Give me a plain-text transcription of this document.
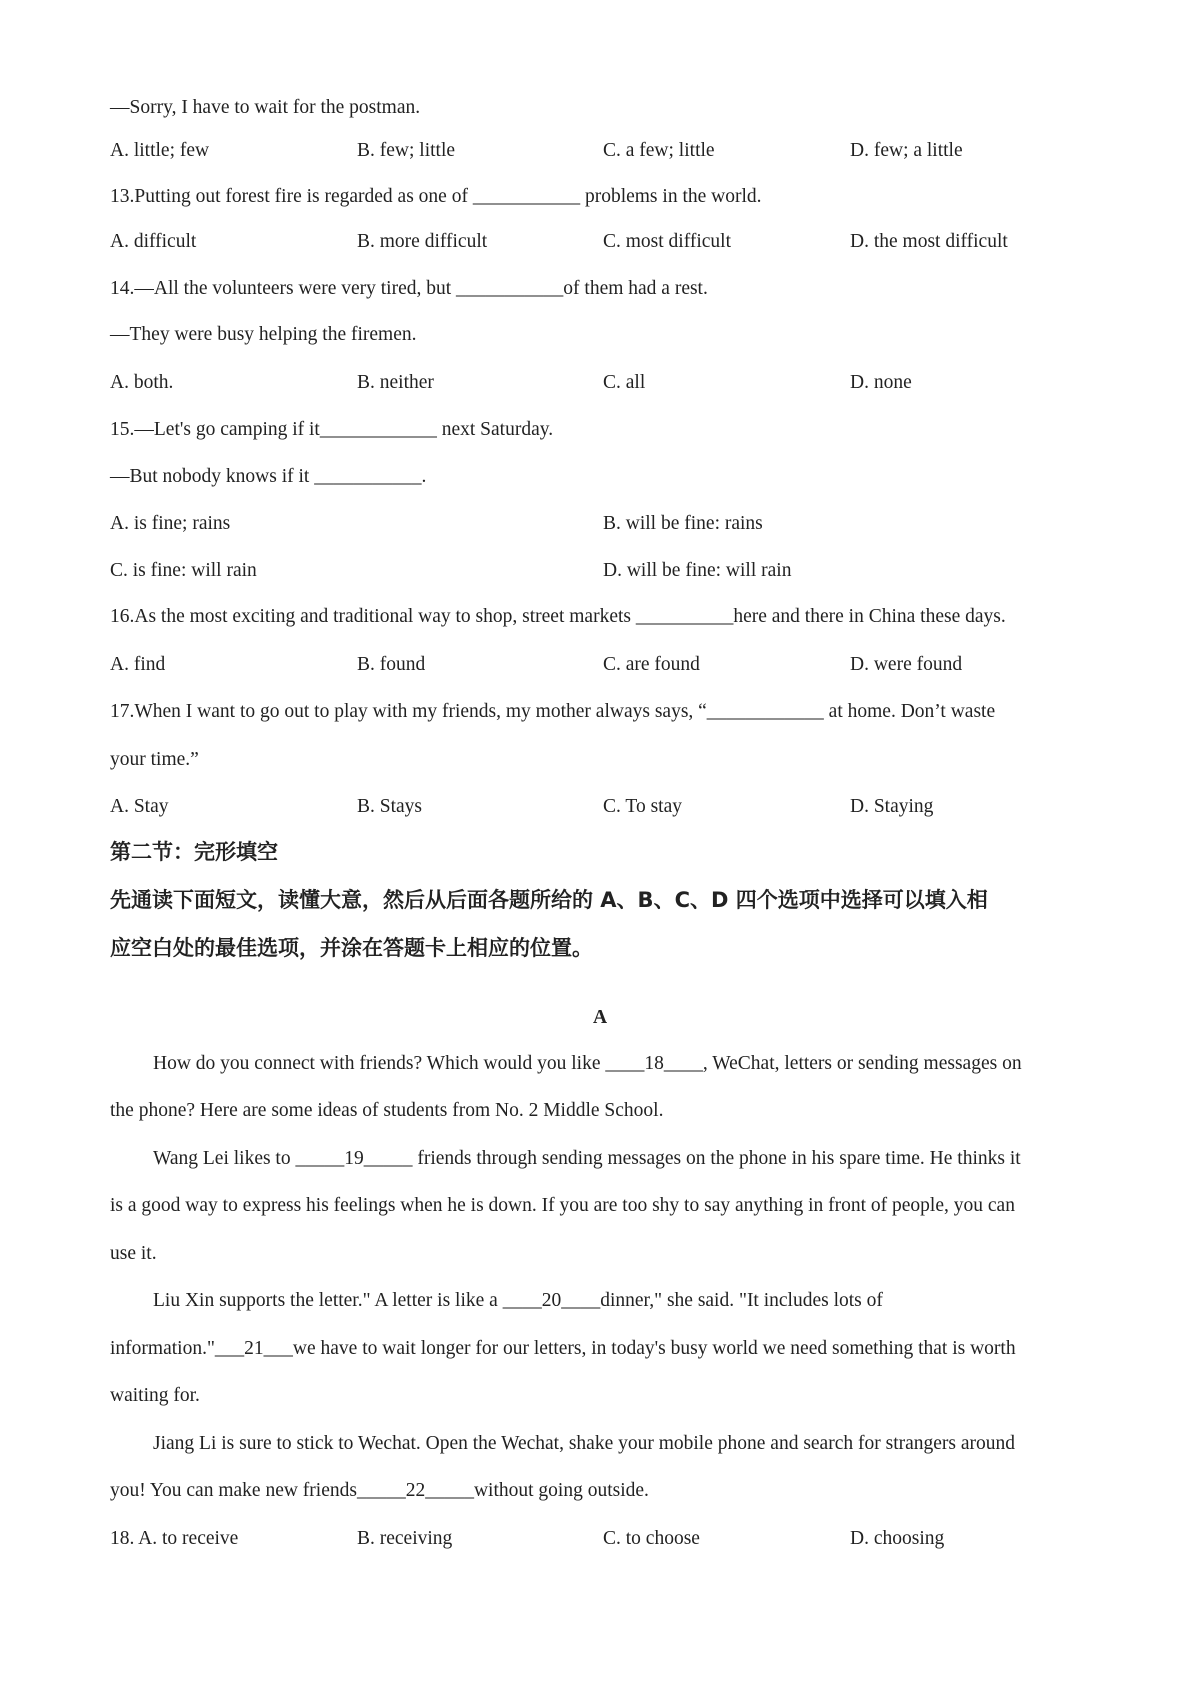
—Sorry, I have to wait for the postman.
A. little; few	B. few; little	C. a few; little	D. few; a little
13.Putting out forest fire is regarded as one of ___________ problems in the world.
A. difficult	B. more difficult	C. most difficult	D. the most difficult
14.—All the volunteers were very tired, but ___________of them had a rest.
—They were busy helping the firemen.
A. both.	B. neither	C. all	D. none
15.—Let's go camping if it____________ next Saturday.
—But nobody knows if it ___________.
A. is fine; rains	B. will be fine: rains
C. is fine: will rain	D. will be fine: will rain
16.As the most exciting and traditional way to shop, street markets __________here and there in China these days.
A. find	B. found	C. are found	D. were found
17.When I want to go out to play with my friends, my mother always says, “____________ at home. Don’t waste
your time.”
A. Stay	B. Stays	C. To stay	D. Staying
第二节：完形填空
先通读下面短文，读懂大意，然后从后面各题所给的 A、B、C、D 四个选项中选择可以填入相
应空白处的最佳选项，并涂在答题卡上相应的位置。
A
How do you connect with friends? Which would you like ____18____, WeChat, letters or sending messages on
the phone? Here are some ideas of students from No. 2 Middle School.
Wang Lei likes to _____19_____ friends through sending messages on the phone in his spare time. He thinks it
is a good way to express his feelings when he is down. If you are too shy to say anything in front of people, you can
use it.
Liu Xin supports the letter." A letter is like a ____20____dinner," she said. "It includes lots of
information."___21___we have to wait longer for our letters, in today's busy world we need something that is worth
waiting for.
Jiang Li is sure to stick to Wechat. Open the Wechat, shake your mobile phone and search for strangers around
you! You can make new friends_____22_____without going outside.
18. A. to receive	B. receiving	C. to choose	D. choosing
